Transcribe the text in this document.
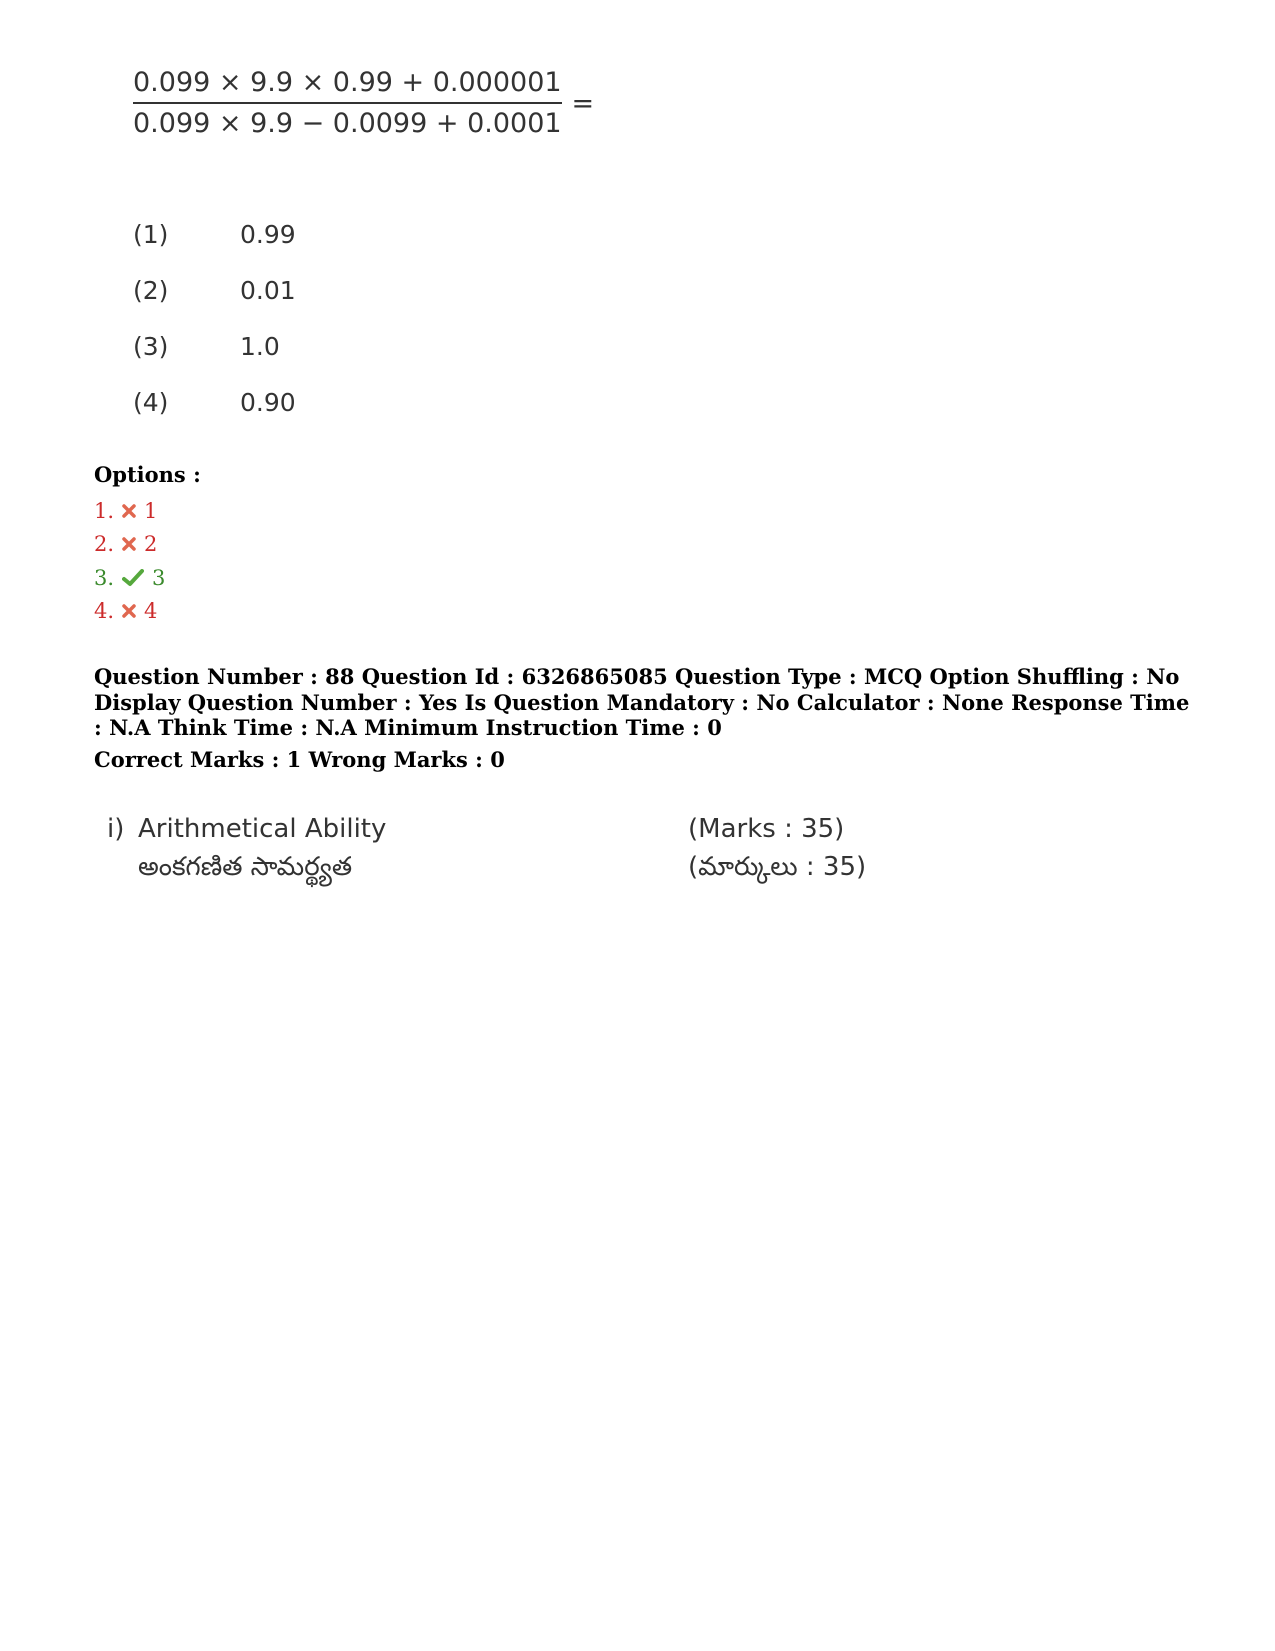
$\frac{0.099 \times 9.9 \times 0.99 + 0.000001}{0.099 \times 9.9 - 0.0099 + 0.0001}$ =
(1)	0.99
(2)	0.01
(3)	1.0
(4)	0.90
Options :
1. 1
2. 2
3. 3
4. 4
Question Number : 88 Question Id : 6326865085 Question Type : MCQ Option Shuffling : No Display Question Number : Yes Is Question Mandatory : No Calculator : None Response Time : N.A Think Time : N.A Minimum Instruction Time : 0
Correct Marks : 1 Wrong Marks : 0
i) Arithmetical Ability	(Marks : 35)
అంకగణిత సామర్థ్యత	(మార్కులు : 35)
